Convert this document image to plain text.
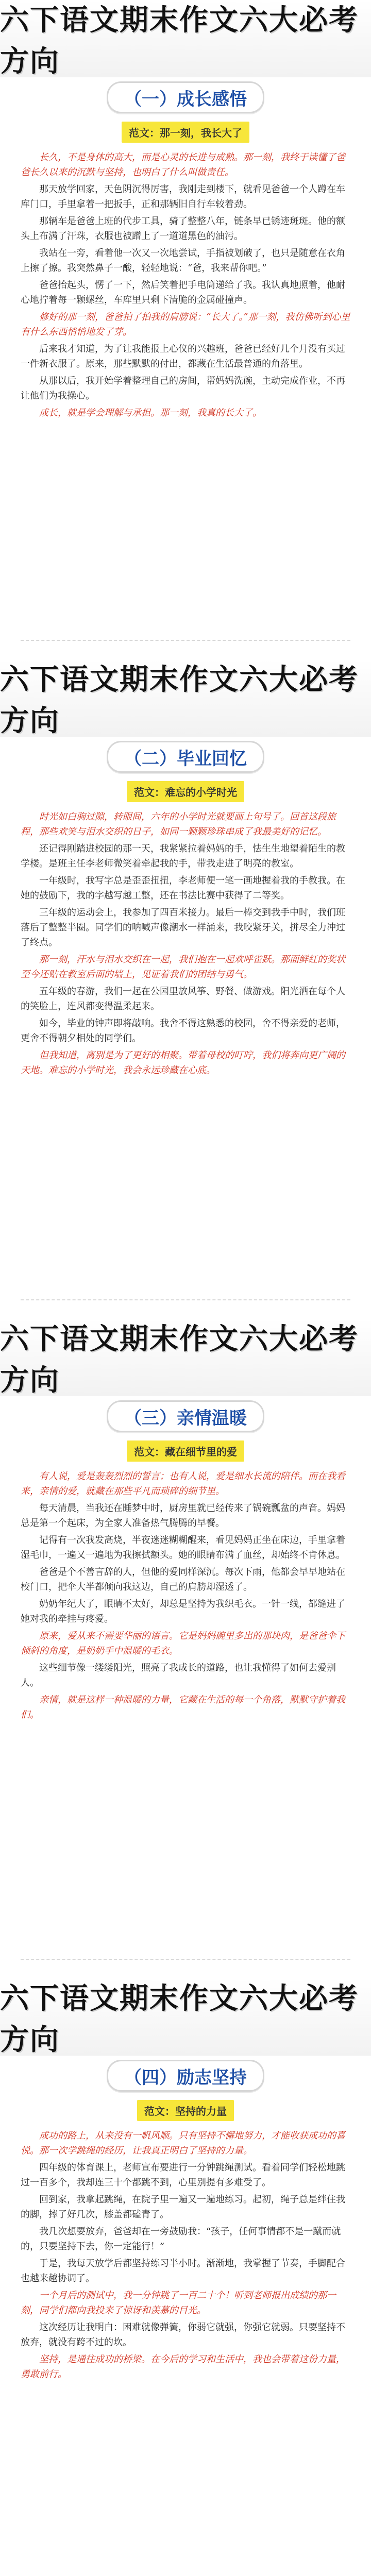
六下语文期末作文六大必考方向
（一）成长感悟
范文：那一刻，我长大了

长久，不是身体的高大，而是心灵的长进与成熟。那一刻，我终于读懂了爸爸长久以来的沉默与坚持，也明白了什么叫做责任。

那天放学回家，天色阴沉得厉害，我刚走到楼下，就看见爸爸一个人蹲在车库门口，手里拿着一把扳手，正和那辆旧自行车较着劲。

那辆车是爸爸上班的代步工具，骑了整整八年，链条早已锈迹斑斑。他的额头上布满了汗珠，衣服也被蹭上了一道道黑色的油污。

我站在一旁，看着他一次又一次地尝试，手指被划破了，也只是随意在衣角上擦了擦。我突然鼻子一酸，轻轻地说：“爸，我来帮你吧。”

爸爸抬起头，愣了一下，然后笑着把手电筒递给了我。我认真地照着，他耐心地拧着每一颗螺丝，车库里只剩下清脆的金属碰撞声。

修好的那一刻，爸爸拍了拍我的肩膀说：“长大了。”那一刻，我仿佛听到心里有什么东西悄悄地发了芽。

后来我才知道，为了让我能报上心仪的兴趣班，爸爸已经好几个月没有买过一件新衣服了。原来，那些默默的付出，都藏在生活最普通的角落里。

从那以后，我开始学着整理自己的房间，帮妈妈洗碗，主动完成作业，不再让他们为我操心。

成长，就是学会理解与承担。那一刻，我真的长大了。

六下语文期末作文六大必考方向
（二）毕业回忆
范文：难忘的小学时光

时光如白驹过隙，转眼间，六年的小学时光就要画上句号了。回首这段旅程，那些欢笑与泪水交织的日子，如同一颗颗珍珠串成了我最美好的记忆。

还记得刚踏进校园的那一天，我紧紧拉着妈妈的手，怯生生地望着陌生的教学楼。是班主任李老师微笑着牵起我的手，带我走进了明亮的教室。

一年级时，我写字总是歪歪扭扭，李老师便一笔一画地握着我的手教我。在她的鼓励下，我的字越写越工整，还在书法比赛中获得了二等奖。

三年级的运动会上，我参加了四百米接力。最后一棒交到我手中时，我们班落后了整整半圈。同学们的呐喊声像潮水一样涌来，我咬紧牙关，拼尽全力冲过了终点。

那一刻，汗水与泪水交织在一起，我们抱在一起欢呼雀跃。那面鲜红的奖状至今还贴在教室后面的墙上，见证着我们的团结与勇气。

五年级的春游，我们一起在公园里放风筝、野餐、做游戏。阳光洒在每个人的笑脸上，连风都变得温柔起来。

如今，毕业的钟声即将敲响。我舍不得这熟悉的校园，舍不得亲爱的老师，更舍不得朝夕相处的同学们。

但我知道，离别是为了更好的相聚。带着母校的叮咛，我们将奔向更广阔的天地。难忘的小学时光，我会永远珍藏在心底。

六下语文期末作文六大必考方向
（三）亲情温暖
范文：藏在细节里的爱

有人说，爱是轰轰烈烈的誓言；也有人说，爱是细水长流的陪伴。而在我看来，亲情的爱，就藏在那些平凡而琐碎的细节里。

每天清晨，当我还在睡梦中时，厨房里就已经传来了锅碗瓢盆的声音。妈妈总是第一个起床，为全家人准备热气腾腾的早餐。

记得有一次我发高烧，半夜迷迷糊糊醒来，看见妈妈正坐在床边，手里拿着湿毛巾，一遍又一遍地为我擦拭额头。她的眼睛布满了血丝，却始终不肯休息。

爸爸是个不善言辞的人，但他的爱同样深沉。每次下雨，他都会早早地站在校门口，把伞大半都倾向我这边，自己的肩膀却湿透了。

奶奶年纪大了，眼睛不太好，却总是坚持为我织毛衣。一针一线，都缝进了她对我的牵挂与疼爱。

原来，爱从来不需要华丽的语言。它是妈妈碗里多出的那块肉，是爸爸伞下倾斜的角度，是奶奶手中温暖的毛衣。

这些细节像一缕缕阳光，照亮了我成长的道路，也让我懂得了如何去爱别人。

亲情，就是这样一种温暖的力量，它藏在生活的每一个角落，默默守护着我们。

六下语文期末作文六大必考方向
（四）励志坚持
范文：坚持的力量

成功的路上，从来没有一帆风顺。只有坚持不懈地努力，才能收获成功的喜悦。那一次学跳绳的经历，让我真正明白了坚持的力量。

四年级的体育课上，老师宣布要进行一分钟跳绳测试。看着同学们轻松地跳过一百多个，我却连三十个都跳不到，心里别提有多难受了。

回到家，我拿起跳绳，在院子里一遍又一遍地练习。起初，绳子总是绊住我的脚，摔了好几次，膝盖都磕青了。

我几次想要放弃，爸爸却在一旁鼓励我：“孩子，任何事情都不是一蹴而就的，只要坚持下去，你一定能行！”

于是，我每天放学后都坚持练习半小时。渐渐地，我掌握了节奏，手脚配合也越来越协调了。

一个月后的测试中，我一分钟跳了一百二十个！听到老师报出成绩的那一刻，同学们都向我投来了惊讶和羡慕的目光。

这次经历让我明白：困难就像弹簧，你弱它就强，你强它就弱。只要坚持不放弃，就没有跨不过的坎。

坚持，是通往成功的桥梁。在今后的学习和生活中，我也会带着这份力量，勇敢前行。
